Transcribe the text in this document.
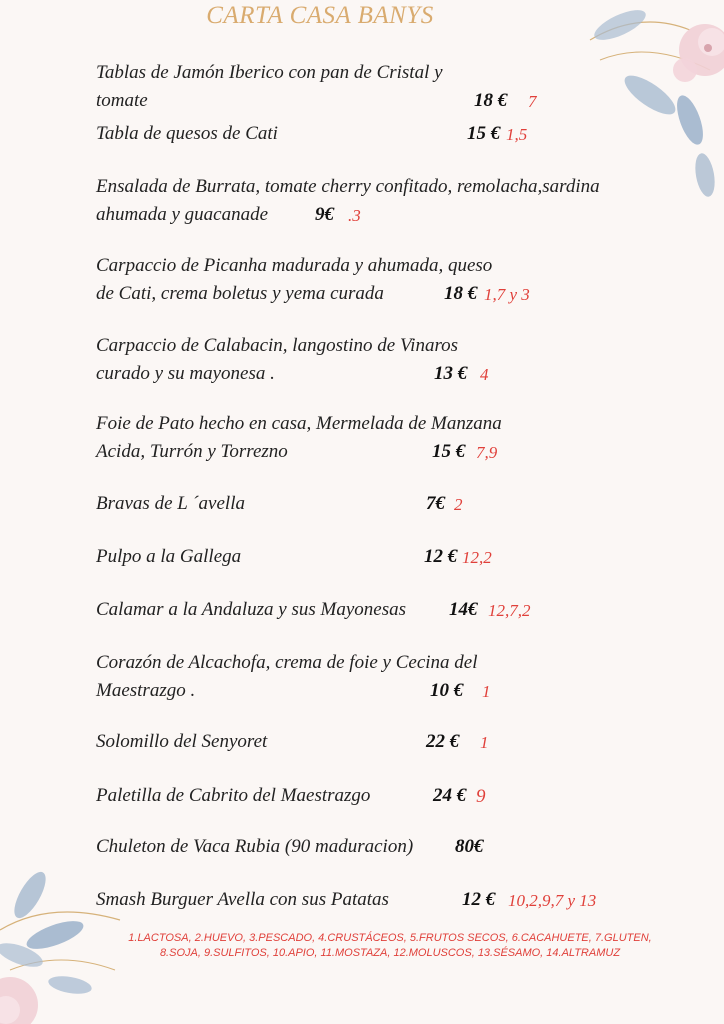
CARTA CASA BANYS
Tablas de Jamón Iberico con pan de Cristal y
tomate	18 € 7
Tabla de quesos de Cati	15 € 1,5
Ensalada de Burrata, tomate cherry confitado, remolacha,sardina
ahumada y guacanade 9€ .3
Carpaccio de Picanha madurada y ahumada, queso
de Cati, crema boletus y yema curada	18 € 1,7 y 3
Carpaccio de Calabacin, langostino de Vinaros
curado y su mayonesa .	13 € 4
Foie de Pato hecho en casa, Mermelada de Manzana
Acida, Turrón y Torrezno	15 € 7,9
Bravas de L ´avella	7€ 2
Pulpo a la Gallega	12 € 12,2
Calamar a la Andaluza y sus Mayonesas 14€ 12,7,2
Corazón de Alcachofa, crema de foie y Cecina del
Maestrazgo .	10 € 1
Solomillo del Senyoret	22 € 1
Paletilla de Cabrito del Maestrazgo	24 € 9
Chuleton de Vaca Rubia (90 maduracion) 80€
Smash Burguer Avella con sus Patatas	12 € 10,2,9,7 y 13
1.LACTOSA, 2.HUEVO, 3.PESCADO, 4.CRUSTÁCEOS, 5.FRUTOS SECOS, 6.CACAHUETE, 7.GLUTEN,
8.SOJA, 9.SULFITOS, 10.APIO, 11.MOSTAZA, 12.MOLUSCOS, 13.SÉSAMO, 14.ALTRAMUZ
